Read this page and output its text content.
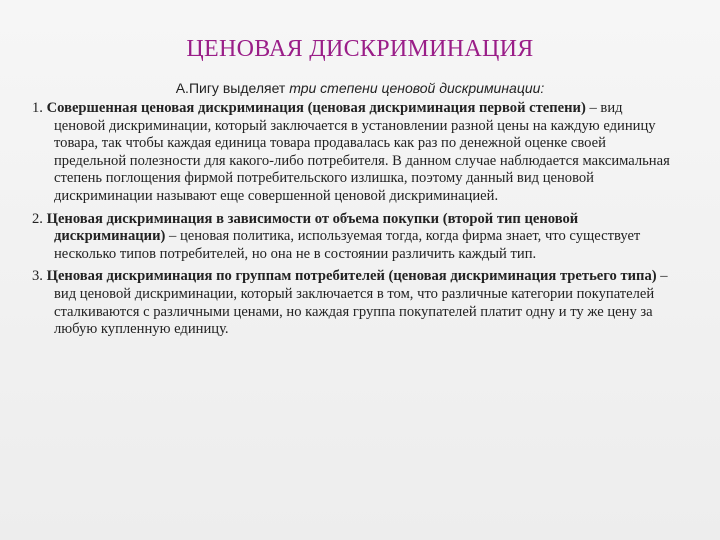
ЦЕНОВАЯ ДИСКРИМИНАЦИЯ
А.Пигу выделяет три степени ценовой дискриминации:

1. Совершенная ценовая дискриминация (ценовая дискриминация первой степени) – вид ценовой дискриминации, который заключается в установлении разной цены на каждую единицу товара, так чтобы каждая единица товара продавалась как раз по денежной оценке своей предельной полезности для какого-либо потребителя. В данном случае наблюдается максимальная степень поглощения фирмой потребительского излишка, поэтому данный вид ценовой дискриминации называют еще совершенной ценовой дискриминацией.

2. Ценовая дискриминация в зависимости от объема покупки (второй тип ценовой дискриминации) – ценовая политика, используемая тогда, когда фирма знает, что существует несколько типов потребителей, но она не в состоянии различить каждый тип.

3. Ценовая дискриминация по группам потребителей (ценовая дискриминация третьего типа) – вид ценовой дискриминации, который заключается в том, что различные категории покупателей сталкиваются с различными ценами, но каждая группа покупателей платит одну и ту же цену за любую купленную единицу.
